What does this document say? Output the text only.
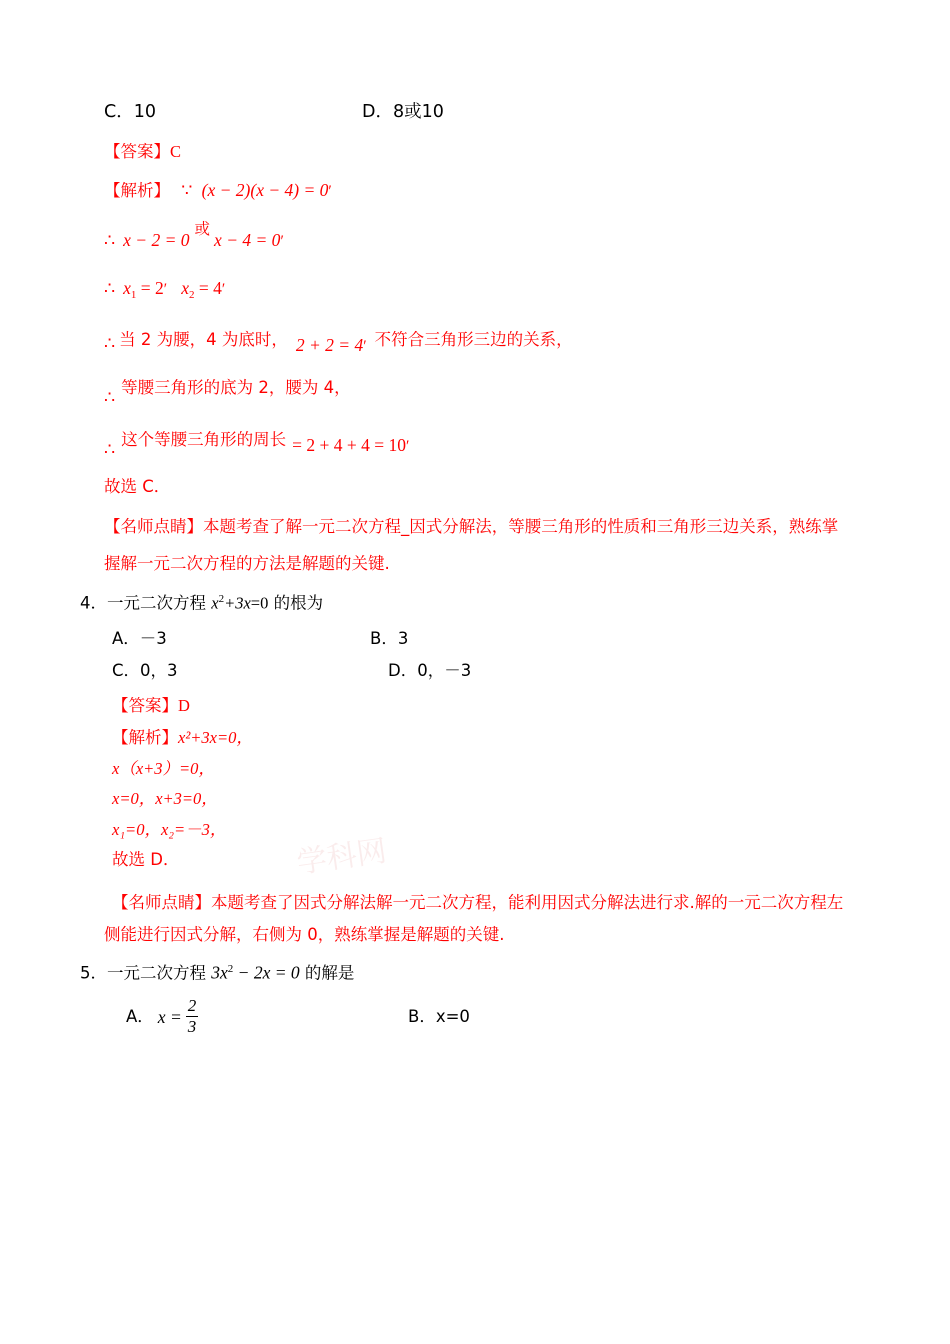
学科网
C．10	D．8或10
【答案】C
【解析】 ∵ (x − 2)(x − 4) = 0′
∴ x − 2 = 0 或 x − 4 = 0′
∴ $x_1 = 2'$ $x_2 = 4'$
∴ 当 2 为腰，4 为底时， 2 + 2 = 4′ 不符合三角形三边的关系，
∴ 等腰三角形的底为 2，腰为 4，
∴ 这个等腰三角形的周长 = 2 + 4 + 4 = 10′
故选 C．
【名师点睛】本题考查了解一元二次方程_因式分解法，等腰三角形的性质和三角形三边关系，熟练掌
握解一元二次方程的方法是解题的关键.
4．一元二次方程 $x^2+3x=0$ 的根为
A．－3	B．3
C．0，3	D．0，－3
【答案】D
【解析】x²+3x=0，
x（x+3）=0，
x=0，x+3=0，
x₁=0，x₂=－3，
故选 D．
【名师点睛】本题考查了因式分解法解一元二次方程，能利用因式分解法进行求.解的一元二次方程左
侧能进行因式分解，右侧为 0，熟练掌握是解题的关键.
5．一元二次方程 $3x^2 - 2x = 0$ 的解是
A． $x = \frac{2}{3}$	B．x=0
